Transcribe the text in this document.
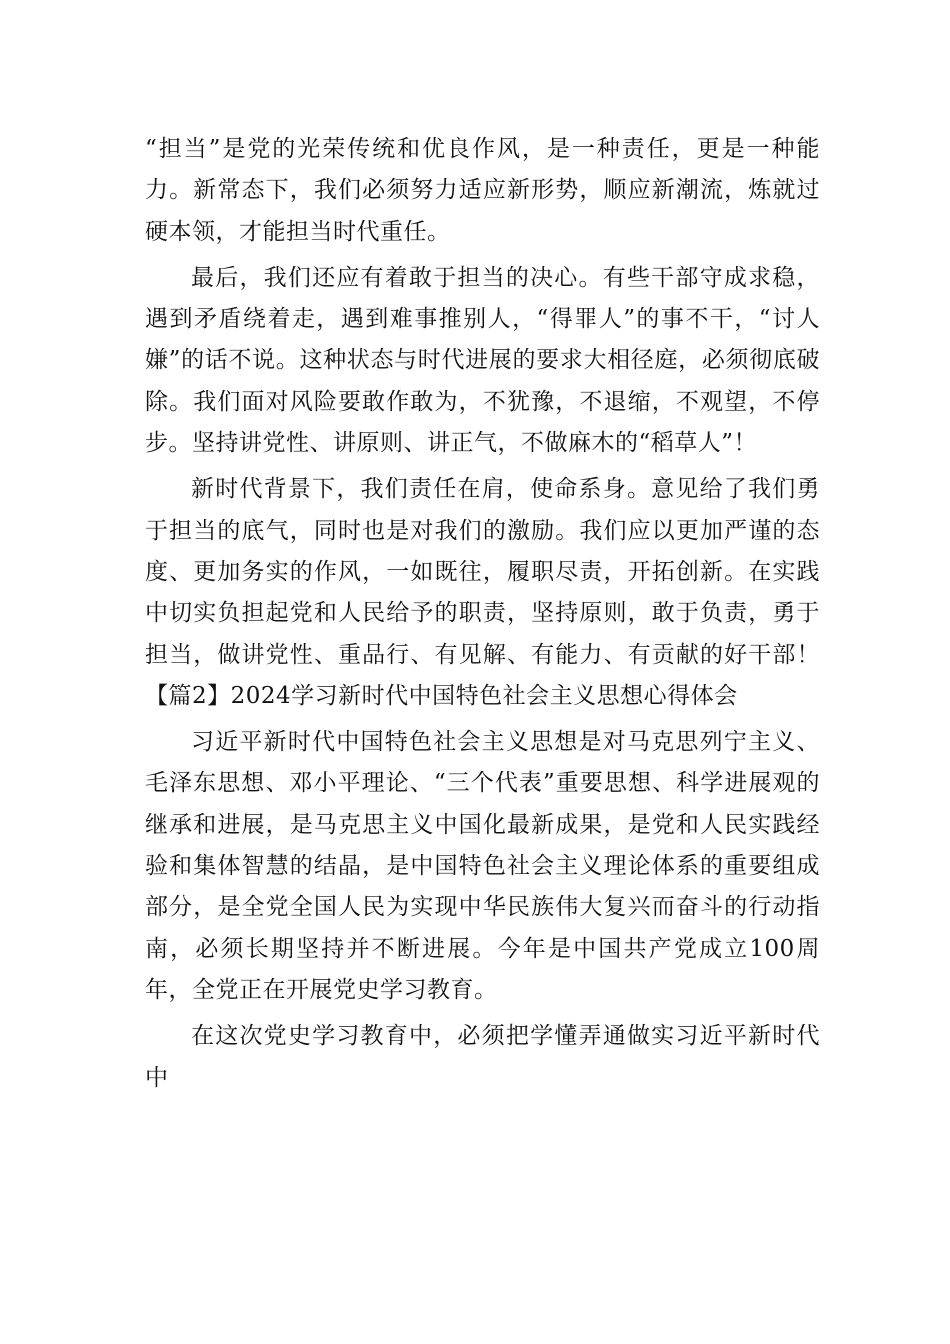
“担当”是党的光荣传统和优良作风，是一种责任，更是一种能力。新常态下，我们必须努力适应新形势，顺应新潮流，炼就过硬本领，才能担当时代重任。

最后，我们还应有着敢于担当的决心。有些干部守成求稳，遇到矛盾绕着走，遇到难事推别人，“得罪人”的事不干，“讨人嫌”的话不说。这种状态与时代进展的要求大相径庭，必须彻底破除。我们面对风险要敢作敢为，不犹豫，不退缩，不观望，不停步。坚持讲党性、讲原则、讲正气，不做麻木的“稻草人”！

新时代背景下，我们责任在肩，使命系身。意见给了我们勇于担当的底气，同时也是对我们的激励。我们应以更加严谨的态度、更加务实的作风，一如既往，履职尽责，开拓创新。在实践中切实负担起党和人民给予的职责，坚持原则，敢于负责，勇于担当，做讲党性、重品行、有见解、有能力、有贡献的好干部！【篇2】2024学习新时代中国特色社会主义思想心得体会

习近平新时代中国特色社会主义思想是对马克思列宁主义、毛泽东思想、邓小平理论、“三个代表”重要思想、科学进展观的继承和进展，是马克思主义中国化最新成果，是党和人民实践经验和集体智慧的结晶，是中国特色社会主义理论体系的重要组成部分，是全党全国人民为实现中华民族伟大复兴而奋斗的行动指南，必须长期坚持并不断进展。今年是中国共产党成立100周年，全党正在开展党史学习教育。

在这次党史学习教育中，必须把学懂弄通做实习近平新时代中
